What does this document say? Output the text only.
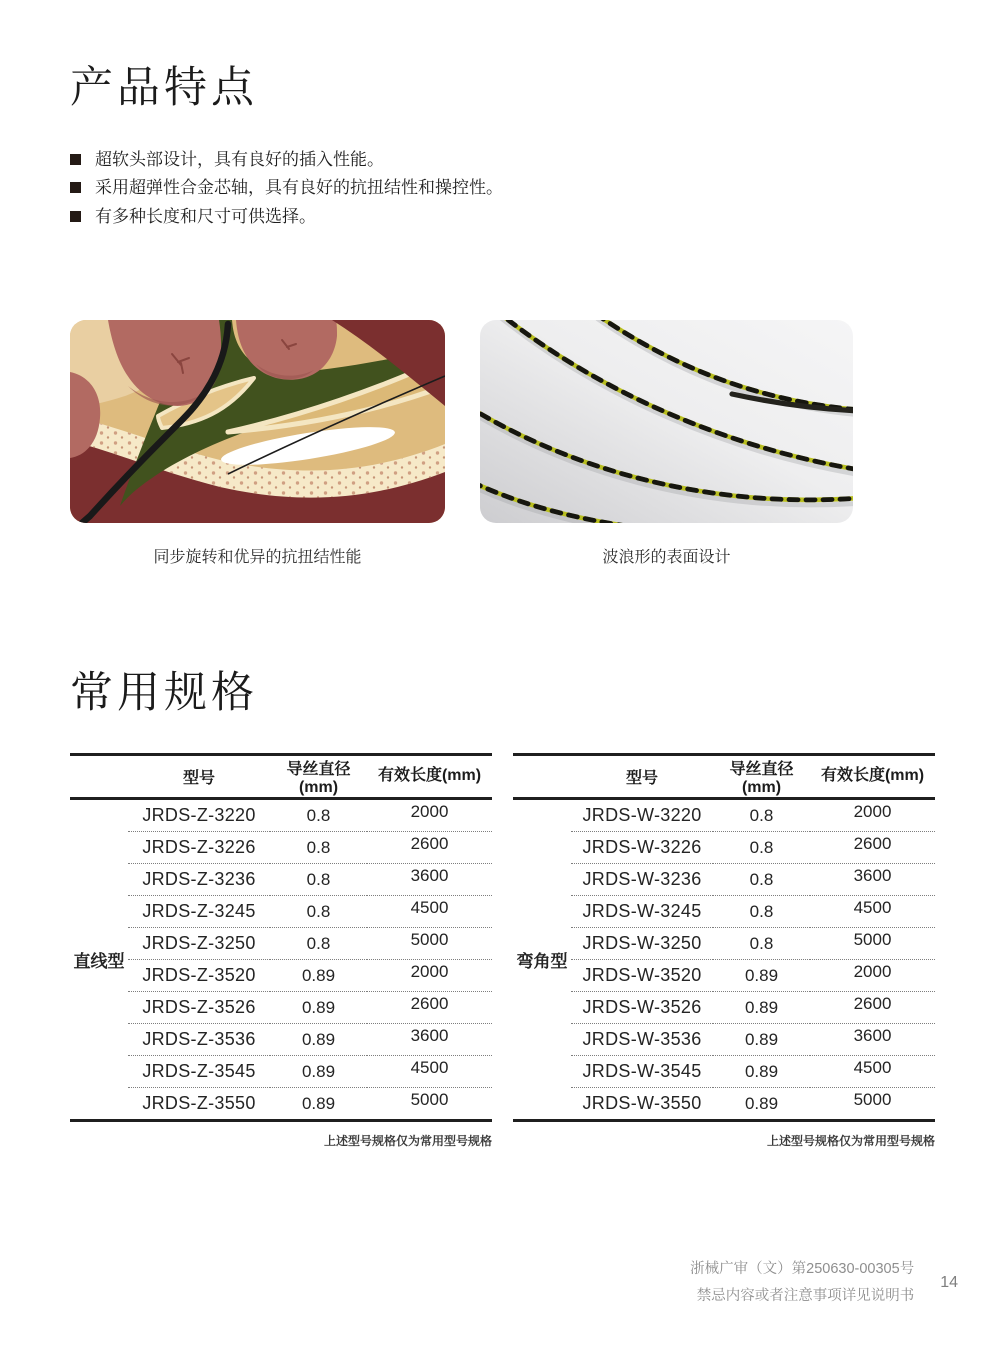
产品特点
超软头部设计，具有良好的插入性能。
采用超弹性合金芯轴，具有良好的抗扭结性和操控性。
有多种长度和尺寸可供选择。
同步旋转和优异的抗扭结性能	波浪形的表面设计
常用规格
	型号	导丝直径(mm)	有效长度(mm)
直线型	JRDS-Z-3220	0.8	2000
	JRDS-Z-3226	0.8	2600
	JRDS-Z-3236	0.8	3600
	JRDS-Z-3245	0.8	4500
	JRDS-Z-3250	0.8	5000
	JRDS-Z-3520	0.89	2000
	JRDS-Z-3526	0.89	2600
	JRDS-Z-3536	0.89	3600
	JRDS-Z-3545	0.89	4500
	JRDS-Z-3550	0.89	5000
上述型号规格仅为常用型号规格
	型号	导丝直径(mm)	有效长度(mm)
弯角型	JRDS-W-3220	0.8	2000
	JRDS-W-3226	0.8	2600
	JRDS-W-3236	0.8	3600
	JRDS-W-3245	0.8	4500
	JRDS-W-3250	0.8	5000
	JRDS-W-3520	0.89	2000
	JRDS-W-3526	0.89	2600
	JRDS-W-3536	0.89	3600
	JRDS-W-3545	0.89	4500
	JRDS-W-3550	0.89	5000
上述型号规格仅为常用型号规格
浙械广审（文）第250630-00305号
禁忌内容或者注意事项详见说明书
14
